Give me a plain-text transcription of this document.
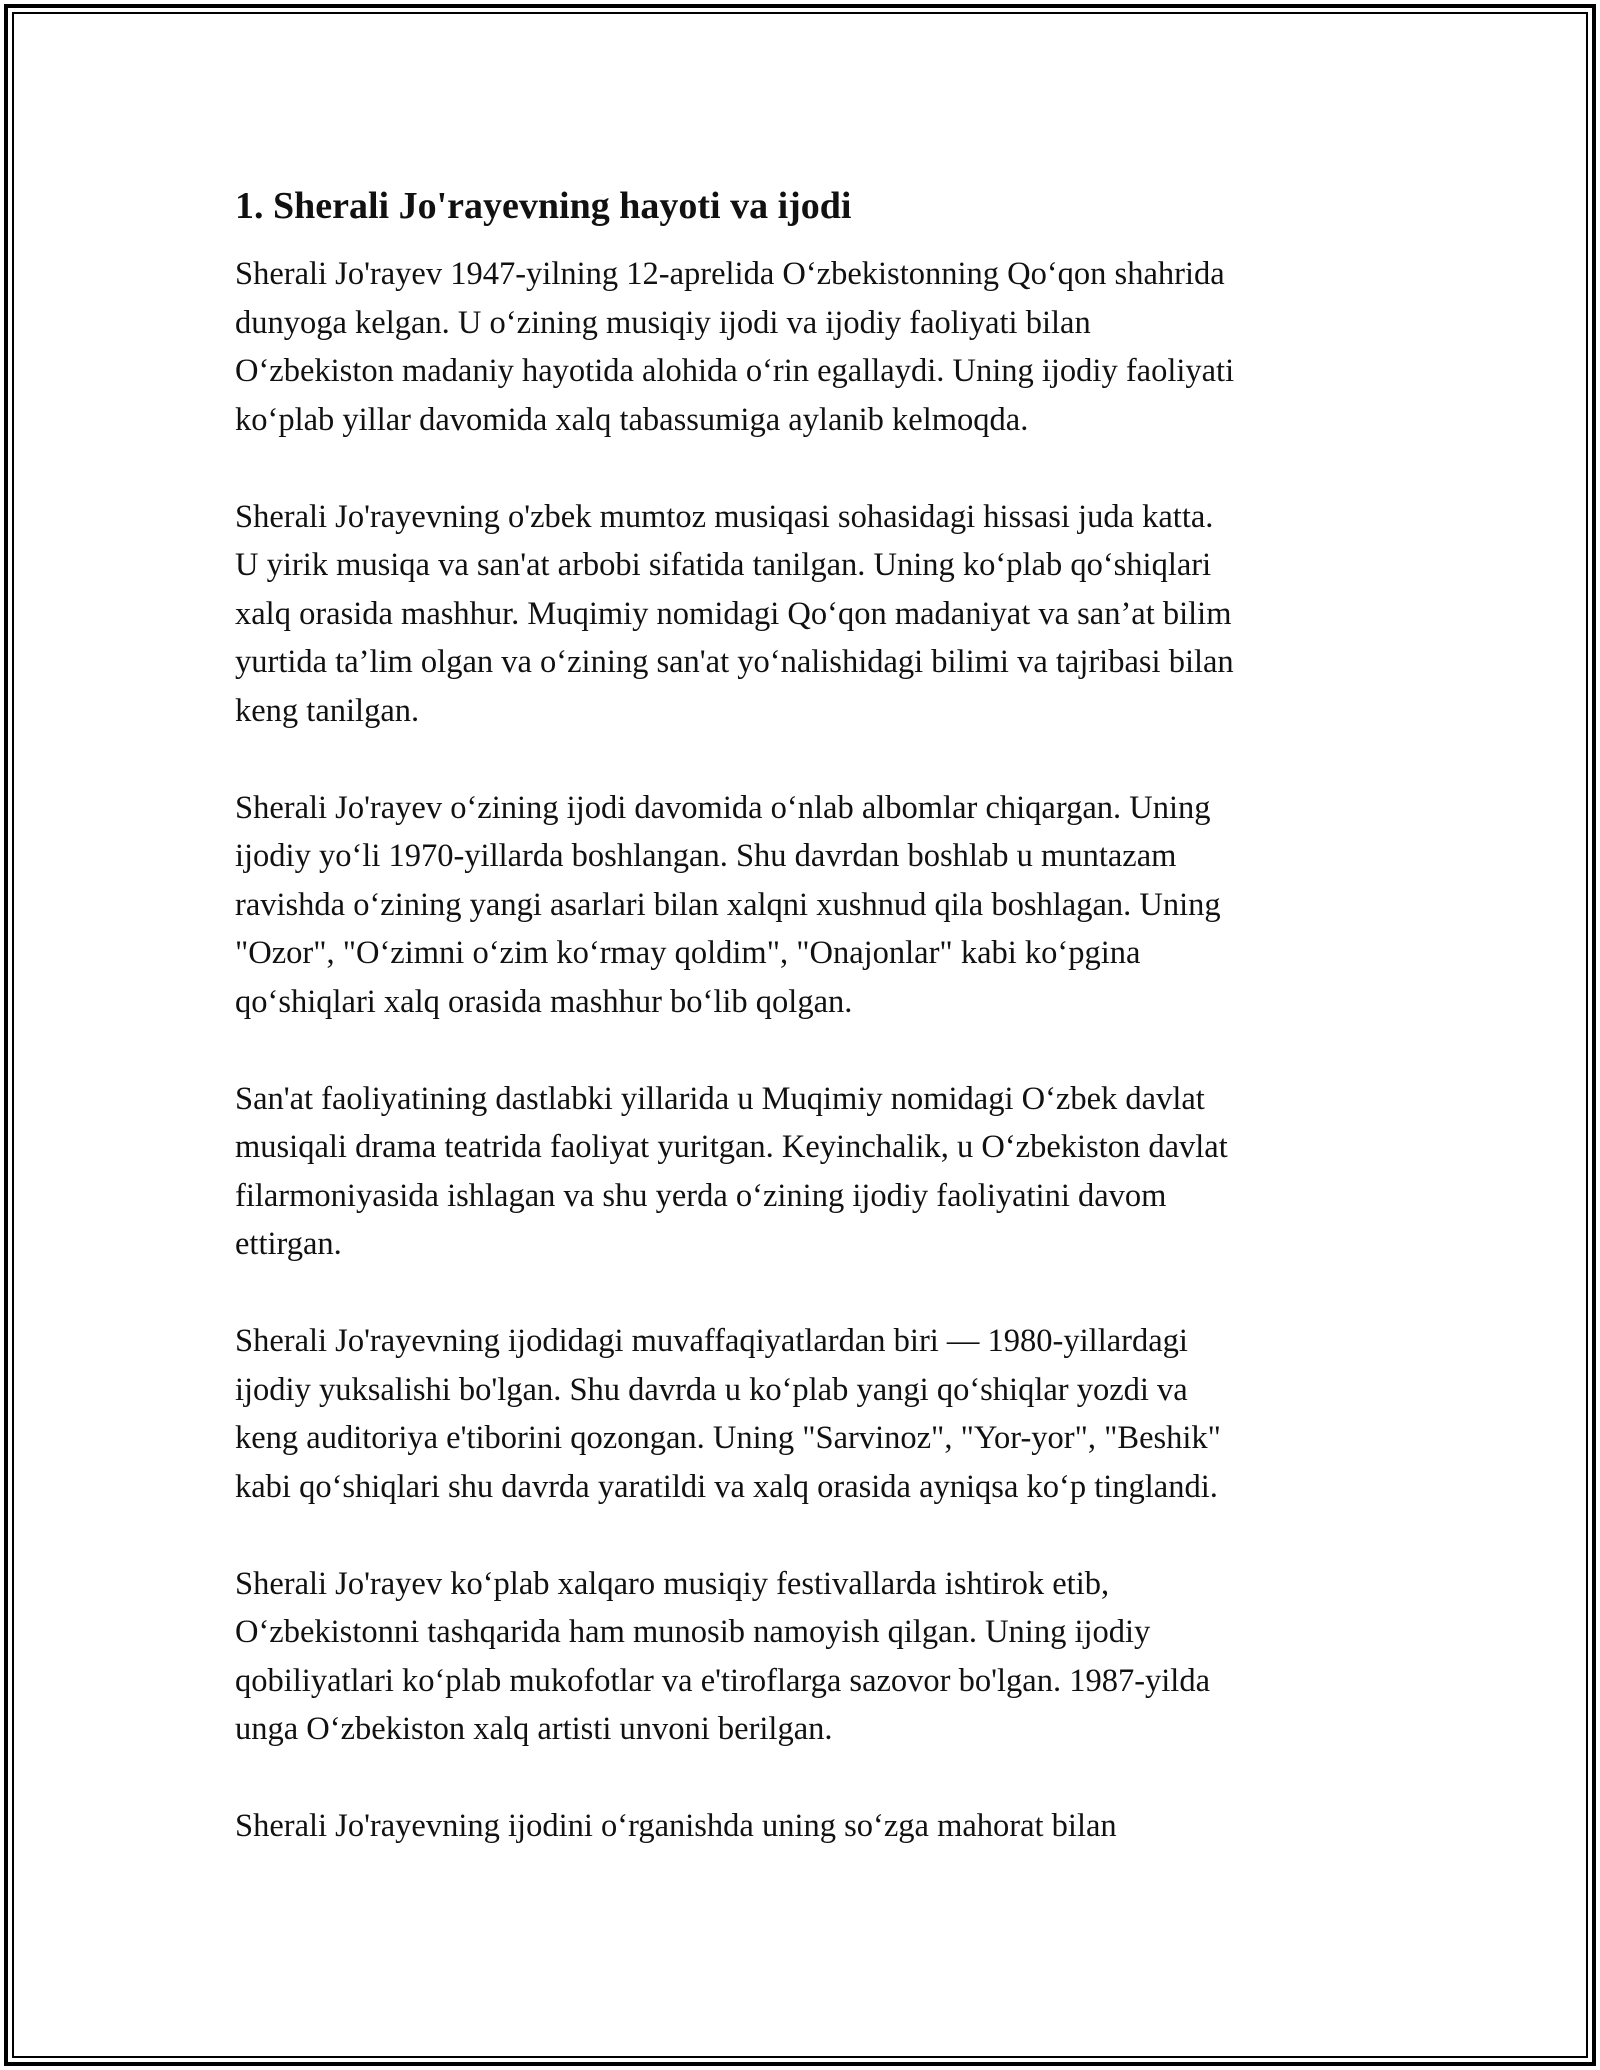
1. Sherali Jo'rayevning hayoti va ijodi

Sherali Jo'rayev 1947-yilning 12-aprelida O‘zbekistonning Qo‘qon shahrida
dunyoga kelgan. U o‘zining musiqiy ijodi va ijodiy faoliyati bilan
O‘zbekiston madaniy hayotida alohida o‘rin egallaydi. Uning ijodiy faoliyati
ko‘plab yillar davomida xalq tabassumiga aylanib kelmoqda.

Sherali Jo'rayevning o'zbek mumtoz musiqasi sohasidagi hissasi juda katta.
U yirik musiqa va san'at arbobi sifatida tanilgan. Uning ko‘plab qo‘shiqlari
xalq orasida mashhur. Muqimiy nomidagi Qo‘qon madaniyat va san’at bilim
yurtida ta’lim olgan va o‘zining san'at yo‘nalishidagi bilimi va tajribasi bilan
keng tanilgan.

Sherali Jo'rayev o‘zining ijodi davomida o‘nlab albomlar chiqargan. Uning
ijodiy yo‘li 1970-yillarda boshlangan. Shu davrdan boshlab u muntazam
ravishda o‘zining yangi asarlari bilan xalqni xushnud qila boshlagan. Uning
"Ozor", "O‘zimni o‘zim ko‘rmay qoldim", "Onajonlar" kabi ko‘pgina
qo‘shiqlari xalq orasida mashhur bo‘lib qolgan.

San'at faoliyatining dastlabki yillarida u Muqimiy nomidagi O‘zbek davlat
musiqali drama teatrida faoliyat yuritgan. Keyinchalik, u O‘zbekiston davlat
filarmoniyasida ishlagan va shu yerda o‘zining ijodiy faoliyatini davom
ettirgan.

Sherali Jo'rayevning ijodidagi muvaffaqiyatlardan biri — 1980-yillardagi
ijodiy yuksalishi bo'lgan. Shu davrda u ko‘plab yangi qo‘shiqlar yozdi va
keng auditoriya e'tiborini qozongan. Uning "Sarvinoz", "Yor-yor", "Beshik"
kabi qo‘shiqlari shu davrda yaratildi va xalq orasida ayniqsa ko‘p tinglandi.

Sherali Jo'rayev ko‘plab xalqaro musiqiy festivallarda ishtirok etib,
O‘zbekistonni tashqarida ham munosib namoyish qilgan. Uning ijodiy
qobiliyatlari ko‘plab mukofotlar va e'tiroflarga sazovor bo'lgan. 1987-yilda
unga O‘zbekiston xalq artisti unvoni berilgan.

Sherali Jo'rayevning ijodini o‘rganishda uning so‘zga mahorat bilan
